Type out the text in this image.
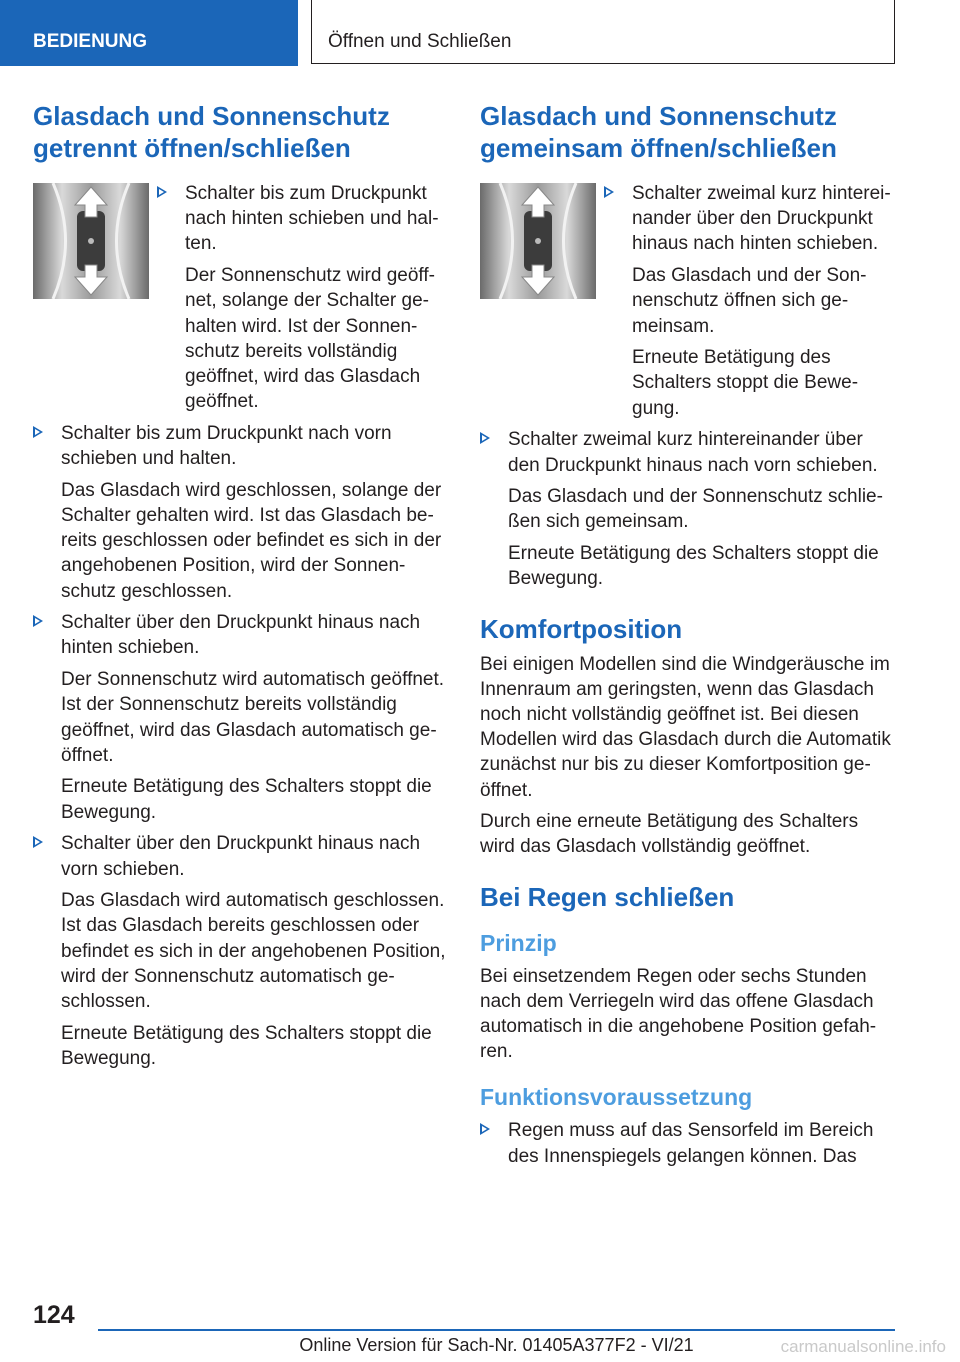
BEDIENUNG	Öffnen und Schließen
Glasdach und Sonnenschutz
getrennt öffnen/schließen

Schalter bis zum Druckpunkt nach hinten schieben und halten.

Der Sonnenschutz wird geöffnet, solange der Schalter gehalten wird. Ist der Sonnenschutz bereits vollständig geöffnet, wird das Glasdach geöffnet.

Schalter bis zum Druckpunkt nach vorn schieben und halten.

Das Glasdach wird geschlossen, solange der Schalter gehalten wird. Ist das Glasdach bereits geschlossen oder befindet es sich in der angehobenen Position, wird der Sonnenschutz geschlossen.

Schalter über den Druckpunkt hinaus nach hinten schieben.

Der Sonnenschutz wird automatisch geöffnet. Ist der Sonnenschutz bereits vollständig geöffnet, wird das Glasdach automatisch geöffnet.

Erneute Betätigung des Schalters stoppt die Bewegung.

Schalter über den Druckpunkt hinaus nach vorn schieben.

Das Glasdach wird automatisch geschlossen. Ist das Glasdach bereits geschlossen oder befindet es sich in der angehobenen Position, wird der Sonnenschutz automatisch geschlossen.

Erneute Betätigung des Schalters stoppt die Bewegung.

Glasdach und Sonnenschutz
gemeinsam öffnen/schließen

Schalter zweimal kurz hintereinander über den Druckpunkt hinaus nach hinten schieben.

Das Glasdach und der Sonnenschutz öffnen sich gemeinsam.

Erneute Betätigung des Schalters stoppt die Bewegung.

Schalter zweimal kurz hintereinander über den Druckpunkt hinaus nach vorn schieben.

Das Glasdach und der Sonnenschutz schließen sich gemeinsam.

Erneute Betätigung des Schalters stoppt die Bewegung.

Komfortposition

Bei einigen Modellen sind die Windgeräusche im Innenraum am geringsten, wenn das Glasdach noch nicht vollständig geöffnet ist. Bei diesen Modellen wird das Glasdach durch die Automatik zunächst nur bis zu dieser Komfortposition geöffnet.

Durch eine erneute Betätigung des Schalters wird das Glasdach vollständig geöffnet.

Bei Regen schließen
Prinzip

Bei einsetzendem Regen oder sechs Stunden nach dem Verriegeln wird das offene Glasdach automatisch in die angehobene Position gefahren.

Funktionsvoraussetzung

Regen muss auf das Sensorfeld im Bereich des Innenspiegels gelangen können. Das

124
Online Version für Sach-Nr. 01405A377F2 - VI/21	carmanualsonline.info
